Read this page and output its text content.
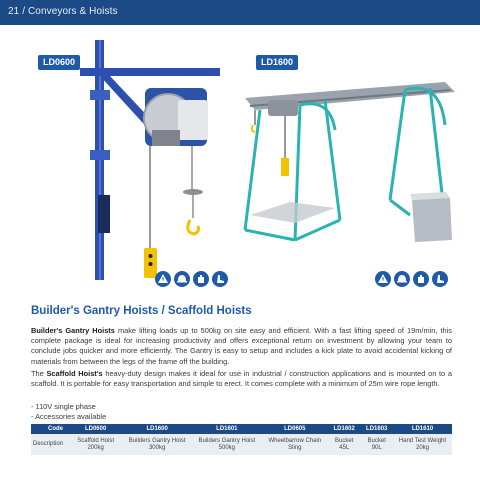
21 / Conveyors & Hoists
LD0600	LD1600
Builder's Gantry Hoists / Scaffold Hoists

Builder's Gantry Hoists make lifting loads up to 500kg on site easy and efficient. With a fast lifting speed of 19m/min, this complete package is ideal for increasing productivity and offers exceptional return on investment by allowing your team to conclude jobs quicker and more efficiently. The Gantry is easy to setup and includes a kick plate to avoid accidental kicking of materials from between the legs of the frame off the building.

The Scaffold Hoist's heavy-duty design makes it ideal for use in industrial / construction applications and is mounted on to a scaffold. It is portable for easy transportation and simple to erect. It comes complete with a minimum of 25m wire rope length.

- 110V single phase
- Accessories available
Code	LD0600	LD1600	LD1601	LD0605	LD1602	LD1603	LD1610
Description	Scaffold Hoist 200kg	Builders Gantry Hoist 300kg	Builders Gantry Hoist 500kg	Wheelbarrow Chain Sling	Bucket 45L	Bucket 90L	Hand Test Weight 20kg
